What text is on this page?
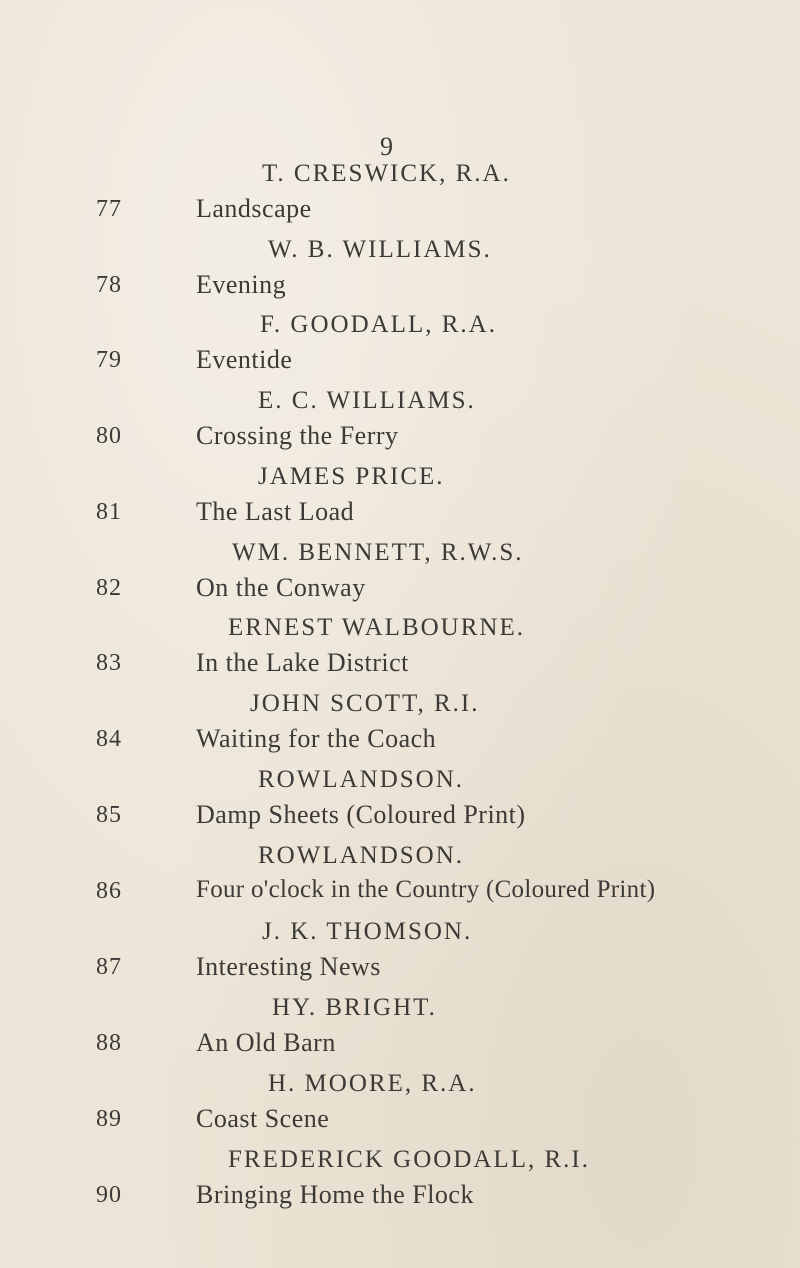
9
77
T. CRESWICK, R.A.
Landscape
78
W. B. WILLIAMS.
Evening
79
F. GOODALL, R.A.
Eventide
80
E. C. WILLIAMS.
Crossing the Ferry
81
JAMES PRICE.
The Last Load
82
WM. BENNETT, R.W.S.
On the Conway
83
ERNEST WALBOURNE.
In the Lake District
84
JOHN SCOTT, R.I.
Waiting for the Coach
85
ROWLANDSON.
Damp Sheets (Coloured Print)
86
ROWLANDSON.
Four o'clock in the Country (Coloured Print)
87
J. K. THOMSON.
Interesting News
88
HY. BRIGHT.
An Old Barn
89
H. MOORE, R.A.
Coast Scene
90
FREDERICK GOODALL, R.I.
Bringing Home the Flock
